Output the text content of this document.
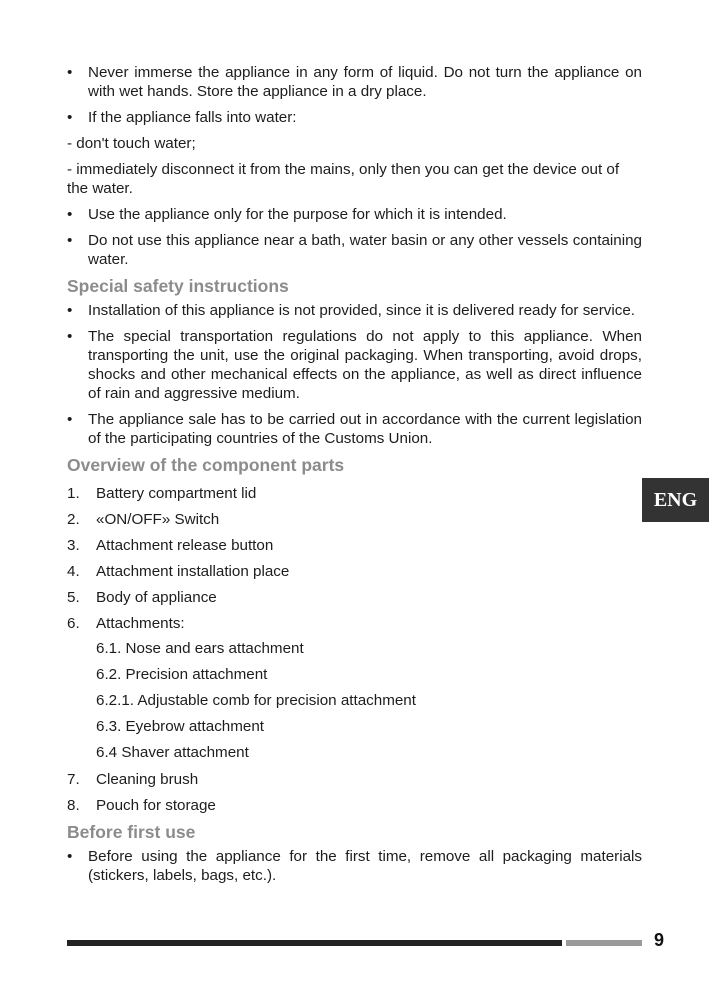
• Never immerse the appliance in any form of liquid. Do not turn the appliance on with wet hands. Store the appliance in a dry place.
• If the appliance falls into water:
- don't touch water;
- immediately disconnect it from the mains, only then you can get the device out of the water.
• Use the appliance only for the purpose for which it is intended.
• Do not use this appliance near a bath, water basin or any other vessels containing water.
Special safety instructions
• Installation of this appliance is not provided, since it is delivered ready for service.
• The special transportation regulations do not apply to this appliance. When transporting the unit, use the original packaging. When transporting, avoid drops, shocks and other mechanical effects on the appliance, as well as direct influence of rain and aggressive medium.
• The appliance sale has to be carried out in accordance with the current legislation of the participating countries of the Customs Union.
Overview of the component parts
1.	Battery compartment lid
2.	«ON/OFF» Switch
3.	Attachment release button
4.	Attachment installation place
5.	Body of appliance
6.	Attachments:
6.1. Nose and ears attachment
6.2. Precision attachment
6.2.1. Adjustable comb for precision attachment
6.3. Eyebrow attachment
6.4 Shaver attachment
7.	Cleaning brush
8.	Pouch for storage
Before first use
• Before using the appliance for the first time, remove all packaging materials (stickers, labels, bags, etc.).
ENG
9
